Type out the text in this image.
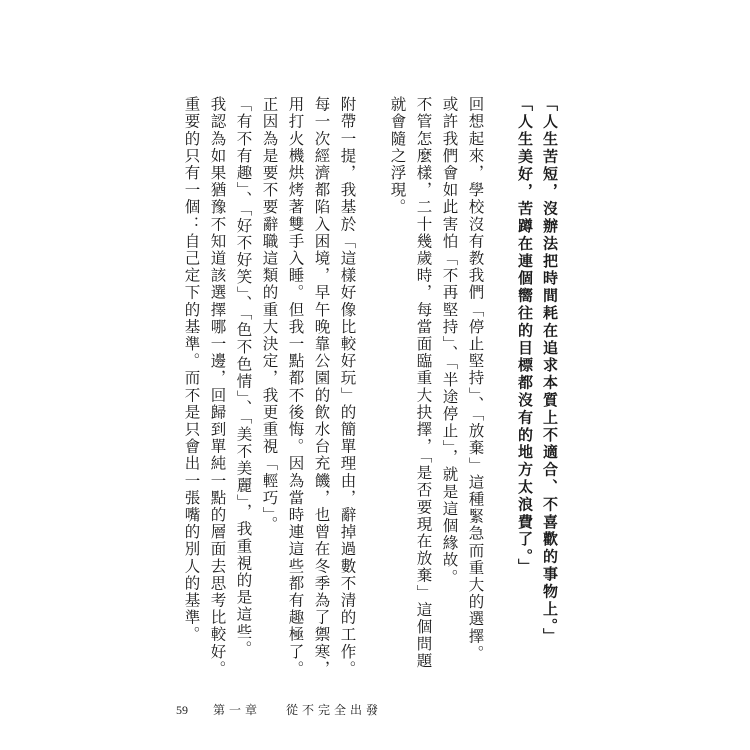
「人生苦短，沒辦法把時間耗在追求本質上不適合、不喜歡的事物上。」
「人生美好，苦蹲在連個嚮往的目標都沒有的地方太浪費了。」
回想起來，學校沒有教我們「停止堅持」、「放棄」這種緊急而重大的選擇。
或許我們會如此害怕「不再堅持」、「半途停止」，就是這個緣故。
不管怎麼樣，二十幾歲時，每當面臨重大抉擇，「是否要現在放棄」這個問題
就會隨之浮現。
附帶一提，我基於「這樣好像比較好玩」的簡單理由，辭掉過數不清的工作。
每一次經濟都陷入困境，早午晚靠公園的飲水台充饑，也曾在冬季為了禦寒，
用打火機烘烤著雙手入睡。但我一點都不後悔。因為當時連這些都有趣極了。
正因為是要不要辭職這類的重大決定，我更重視「輕巧」。
「有不有趣」、「好不好笑」、「色不色情」、「美不美麗」，我重視的是這些。
我認為如果猶豫不知道該選擇哪一邊，回歸到單純一點的層面去思考比較好。
重要的只有一個：自己定下的基準。而不是只會出一張嘴的別人的基準。
59 第一章 從不完全出發
